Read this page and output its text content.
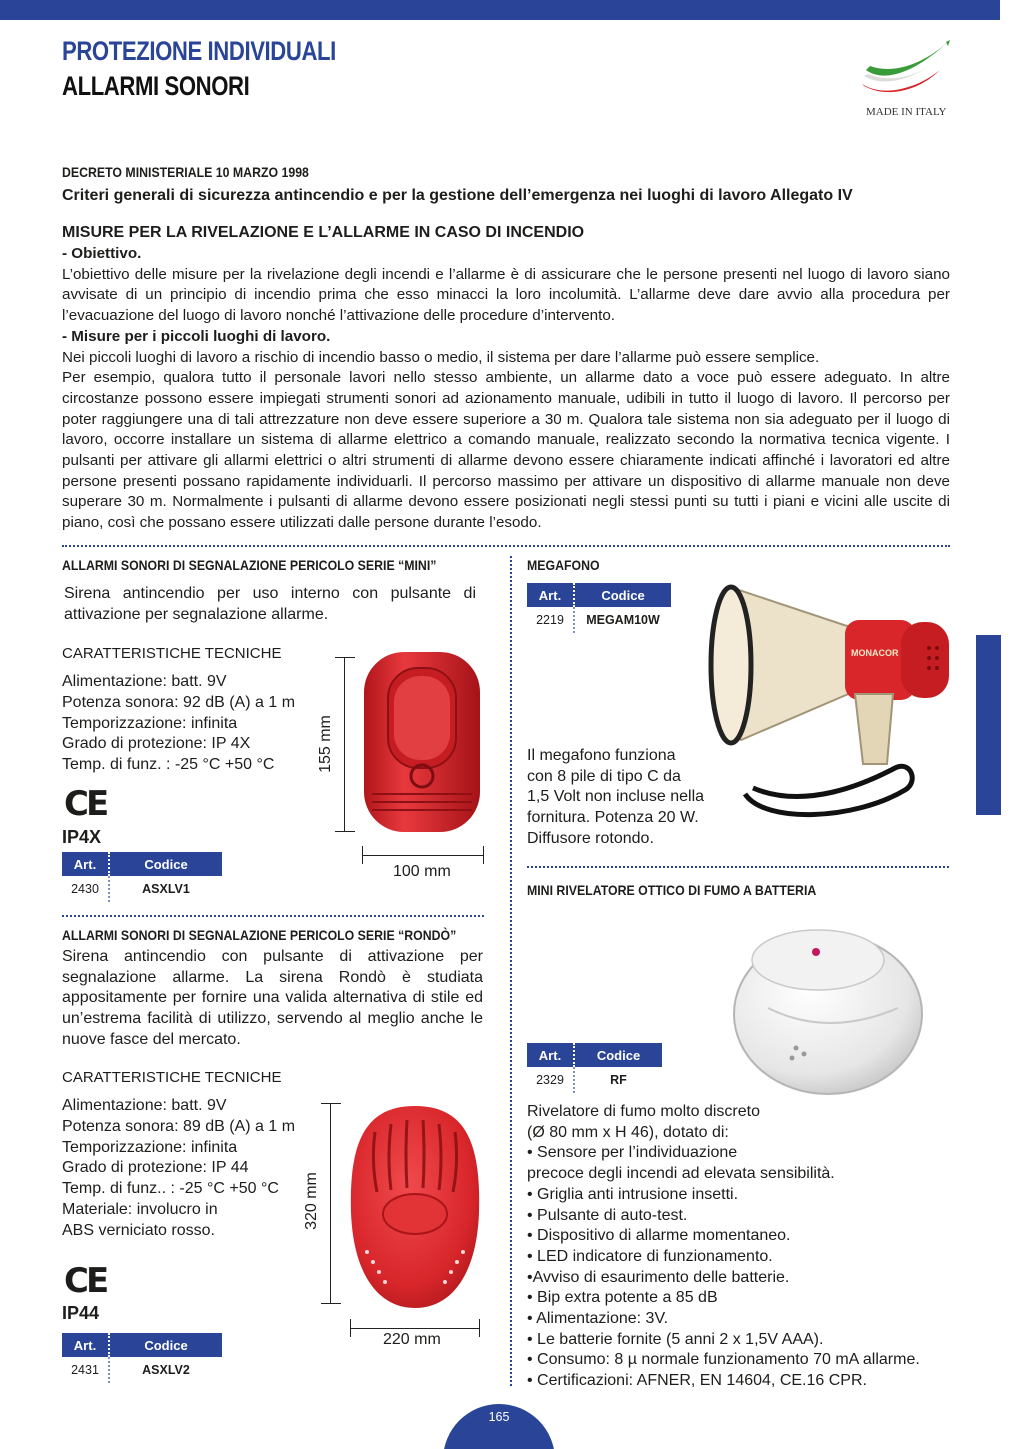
PROTEZIONE INDIVIDUALI
ALLARMI SONORI
MADE IN ITALY
DECRETO MINISTERIALE 10 MARZO 1998
Criteri generali di sicurezza antincendio e per la gestione dell’emergenza nei luoghi di lavoro Allegato IV
MISURE PER LA RIVELAZIONE E L’ALLARME IN CASO DI INCENDIO

- Obiettivo.

L’obiettivo delle misure per la rivelazione degli incendi e l’allarme è di assicurare che le persone presenti nel luogo di lavoro siano avvisate di un principio di incendio prima che esso minacci la loro incolumità. L’allarme deve dare avvio alla procedura per l’evacuazione del luogo di lavoro nonché l’attivazione delle procedure d’intervento.

- Misure per i piccoli luoghi di lavoro.

Nei piccoli luoghi di lavoro a rischio di incendio basso o medio, il sistema per dare l’allarme può essere semplice.

Per esempio, qualora tutto il personale lavori nello stesso ambiente, un allarme dato a voce può essere adeguato. In altre circostanze possono essere impiegati strumenti sonori ad azionamento manuale, udibili in tutto il luogo di lavoro. Il percorso per poter raggiungere una di tali attrezzature non deve essere superiore a 30 m. Qualora tale sistema non sia adeguato per il luogo di lavoro, occorre installare un sistema di allarme elettrico a comando manuale, realizzato secondo la normativa tecnica vigente. I pulsanti per attivare gli allarmi elettrici o altri strumenti di allarme devono essere chiaramente indicati affinché i lavoratori ed altre persone presenti possano rapidamente individuarli. Il percorso massimo per attivare un dispositivo di allarme manuale non deve superare 30 m. Normalmente i pulsanti di allarme devono essere posizionati negli stessi punti su tutti i piani e vicini alle uscite di piano, così che possano essere utilizzati dalle persone durante l’esodo.

ALLARMI SONORI DI SEGNALAZIONE PERICOLO SERIE “MINI”
Sirena antincendio per uso interno con pulsante di attivazione per segnalazione allarme.
CARATTERISTICHE TECNICHE
Alimentazione: batt. 9V
Potenza sonora: 92 dB (A) a 1 m
Temporizzazione: infinita
Grado di protezione: IP 4X
Temp. di funz. : -25 °C +50 °C
CE
IP4X
Art.	Codice
2430	ASXLV1
155 mm
100 mm
ALLARMI SONORI DI SEGNALAZIONE PERICOLO SERIE “RONDÒ”
Sirena antincendio con pulsante di attivazione per segnalazione allarme. La sirena Rondò è studiata appositamente per fornire una valida alternativa di stile ed un’estrema facilità di utilizzo, servendo al meglio anche le nuove fasce del mercato.
CARATTERISTICHE TECNICHE
Alimentazione: batt. 9V
Potenza sonora: 89 dB (A) a 1 m
Temporizzazione: infinita
Grado di protezione: IP 44
Temp. di funz.. : -25 °C +50 °C
Materiale: involucro in
ABS verniciato rosso.
CE
IP44
Art.	Codice
2431	ASXLV2
320 mm
220 mm
MEGAFONO
Art.	Codice
2219	MEGAM10W
Il megafono funziona con 8 pile di tipo C da 1,5 Volt non incluse nella fornitura. Potenza 20 W. Diffusore rotondo.
MONACOR
MINI RIVELATORE OTTICO DI FUMO A BATTERIA
Art.	Codice
2329	RF
Rivelatore di fumo molto discreto
(Ø 80 mm x H 46), dotato di:
• Sensore per l’individuazione
precoce degli incendi ad elevata sensibilità.
• Griglia anti intrusione insetti.
• Pulsante di auto-test.
• Dispositivo di allarme momentaneo.
• LED indicatore di funzionamento.
•Avviso di esaurimento delle batterie.
• Bip extra potente a 85 dB
• Alimentazione: 3V.
• Le batterie fornite (5 anni 2 x 1,5V AAA).
• Consumo: 8 µ normale funzionamento 70 mA allarme.
• Certificazioni: AFNER, EN 14604, CE.16 CPR.
165
